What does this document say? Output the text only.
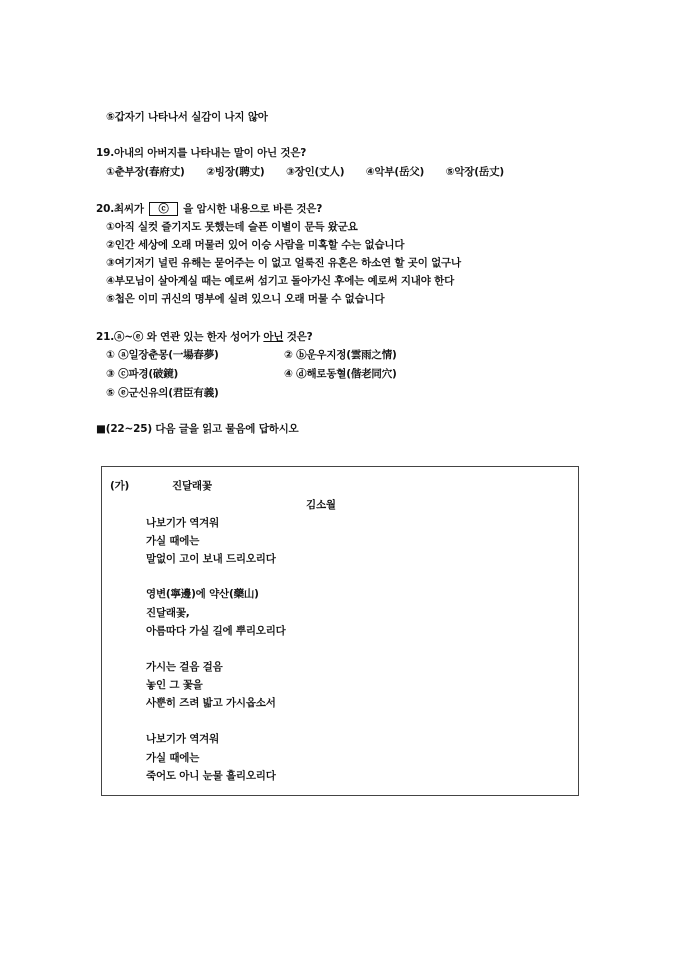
⑤갑자기 나타나서 실감이 나지 않아
19.아내의 아버지를 나타내는 말이 아닌 것은?
①춘부장(春府丈) ②빙장(聘丈) ③장인(丈人) ④악부(岳父) ⑤악장(岳丈)
20.최씨가 ⓒ 을 암시한 내용으로 바른 것은?
①아직 실컷 즐기지도 못했는데 슬픈 이별이 문득 왔군요
②인간 세상에 오래 머물러 있어 이승 사람을 미혹할 수는 없습니다
③여기저기 널린 유해는 묻어주는 이 없고 얼룩진 유혼은 하소연 할 곳이 없구나
④부모님이 살아계실 때는 예로써 섬기고 돌아가신 후에는 예로써 지내야 한다
⑤첩은 이미 귀신의 명부에 실려 있으니 오래 머물 수 없습니다
21.ⓐ~ⓔ 와 연관 있는 한자 성어가 아닌 것은?
① ⓐ일장춘몽(一場春夢)	② ⓑ운우지정(雲雨之情)
③ ⓒ파경(破鏡)	④ ⓓ해로동혈(偕老同穴)
⑤ ⓔ군신유의(君臣有義)
■(22~25) 다음 글을 읽고 물음에 답하시오
(가)	진달래꽃
김소월
나보기가 역겨워
가실 때에는
말없이 고이 보내 드리오리다
영변(寧邊)에 약산(藥山)
진달래꽃,
아름따다 가실 길에 뿌리오리다
가시는 걸음 걸음
놓인 그 꽃을
사뿐히 즈려 밟고 가시옵소서
나보기가 역겨워
가실 때에는
죽어도 아니 눈물 흘리오리다
